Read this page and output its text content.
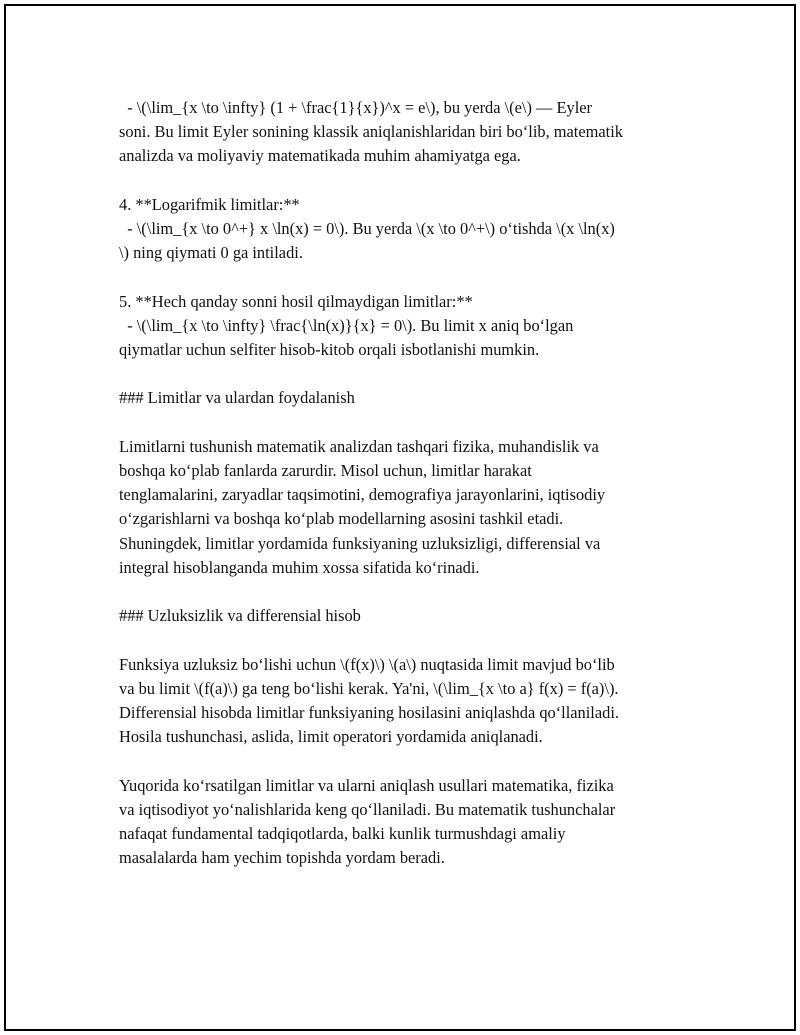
- \(\lim_{x \to \infty} (1 + \frac{1}{x})^x = e\), bu yerda \(e\) — Eyler
soni. Bu limit Eyler sonining klassik aniqlanishlaridan biri boʻlib, matematik
analizda va moliyaviy matematikada muhim ahamiyatga ega.

4. **Logarifmik limitlar:**
- \(\lim_{x \to 0^+} x \ln(x) = 0\). Bu yerda \(x \to 0^+\) oʻtishda \(x \ln(x)
\) ning qiymati 0 ga intiladi.

5. **Hech qanday sonni hosil qilmaydigan limitlar:**
- \(\lim_{x \to \infty} \frac{\ln(x)}{x} = 0\). Bu limit x aniq boʻlgan
qiymatlar uchun selfiter hisob-kitob orqali isbotlanishi mumkin.

### Limitlar va ulardan foydalanish

Limitlarni tushunish matematik analizdan tashqari fizika, muhandislik va
boshqa koʻplab fanlarda zarurdir. Misol uchun, limitlar harakat
tenglamalarini, zaryadlar taqsimotini, demografiya jarayonlarini, iqtisodiy
oʻzgarishlarni va boshqa koʻplab modellarning asosini tashkil etadi.
Shuningdek, limitlar yordamida funksiyaning uzluksizligi, differensial va
integral hisoblanganda muhim xossa sifatida koʻrinadi.

### Uzluksizlik va differensial hisob

Funksiya uzluksiz boʻlishi uchun \(f(x)\) \(a\) nuqtasida limit mavjud boʻlib
va bu limit \(f(a)\) ga teng boʻlishi kerak. Ya'ni, \(\lim_{x \to a} f(x) = f(a)\).
Differensial hisobda limitlar funksiyaning hosilasini aniqlashda qoʻllaniladi.
Hosila tushunchasi, aslida, limit operatori yordamida aniqlanadi.

Yuqorida koʻrsatilgan limitlar va ularni aniqlash usullari matematika, fizika
va iqtisodiyot yoʻnalishlarida keng qoʻllaniladi. Bu matematik tushunchalar
nafaqat fundamental tadqiqotlarda, balki kunlik turmushdagi amaliy
masalalarda ham yechim topishda yordam beradi.
